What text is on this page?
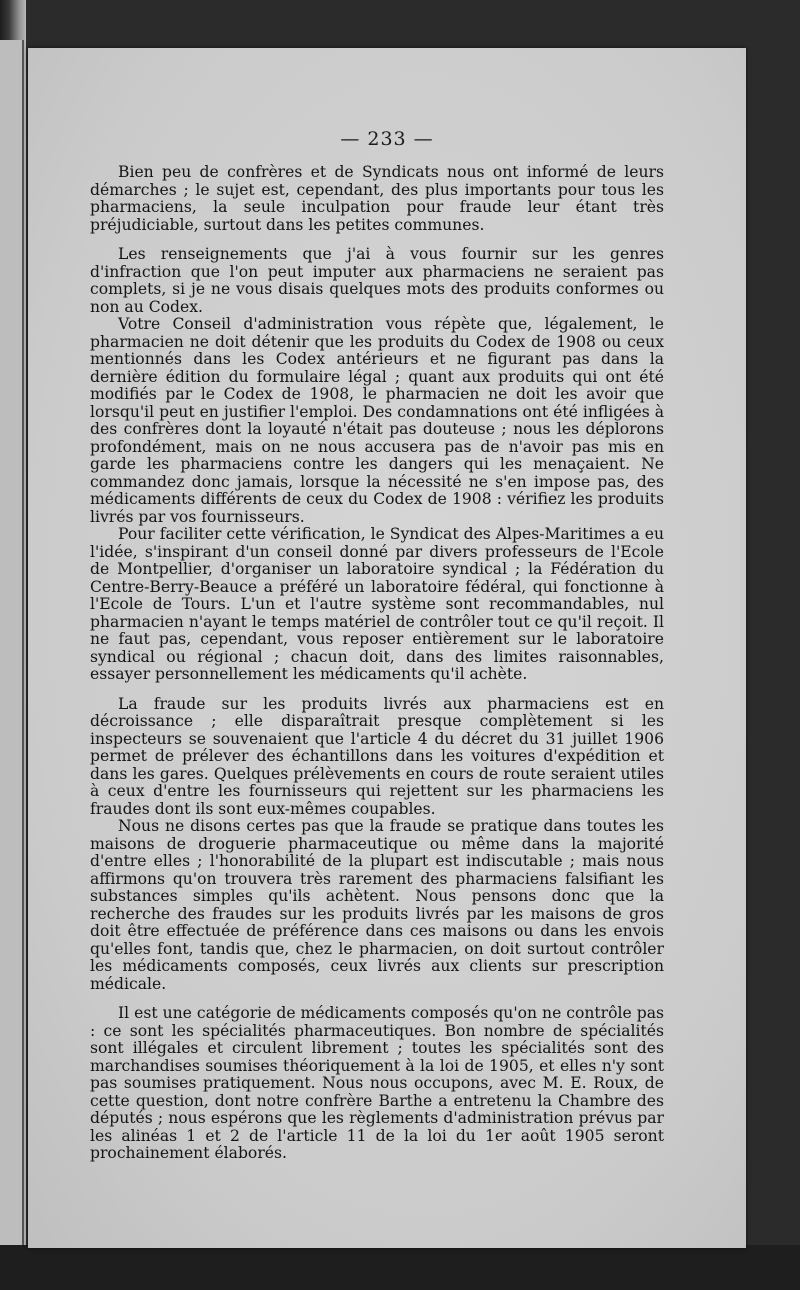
— 233 —

Bien peu de confrères et de Syndicats nous ont informé de leurs démarches ; le sujet est, cependant, des plus importants pour tous les pharmaciens, la seule inculpation pour fraude leur étant très préjudiciable, surtout dans les petites communes.

Les renseignements que j'ai à vous fournir sur les genres d'infraction que l'on peut imputer aux pharmaciens ne seraient pas complets, si je ne vous disais quelques mots des produits conformes ou non au Codex.

Votre Conseil d'administration vous répète que, légalement, le pharmacien ne doit détenir que les produits du Codex de 1908 ou ceux mentionnés dans les Codex antérieurs et ne figurant pas dans la dernière édition du formulaire légal ; quant aux produits qui ont été modifiés par le Codex de 1908, le pharmacien ne doit les avoir que lorsqu'il peut en justifier l'emploi. Des condamnations ont été infligées à des confrères dont la loyauté n'était pas douteuse ; nous les déplorons profondément, mais on ne nous accusera pas de n'avoir pas mis en garde les pharmaciens contre les dangers qui les menaçaient. Ne commandez donc jamais, lorsque la nécessité ne s'en impose pas, des médicaments différents de ceux du Codex de 1908 : vérifiez les produits livrés par vos fournisseurs.

Pour faciliter cette vérification, le Syndicat des Alpes-Maritimes a eu l'idée, s'inspirant d'un conseil donné par divers professeurs de l'Ecole de Montpellier, d'organiser un laboratoire syndical ; la Fédération du Centre-Berry-Beauce a préféré un laboratoire fédéral, qui fonctionne à l'Ecole de Tours. L'un et l'autre système sont recommandables, nul pharmacien n'ayant le temps matériel de contrôler tout ce qu'il reçoit. Il ne faut pas, cependant, vous reposer entièrement sur le laboratoire syndical ou régional ; chacun doit, dans des limites raisonnables, essayer personnellement les médicaments qu'il achète.

La fraude sur les produits livrés aux pharmaciens est en décroissance ; elle disparaîtrait presque complètement si les inspecteurs se souvenaient que l'article 4 du décret du 31 juillet 1906 permet de prélever des échantillons dans les voitures d'expédition et dans les gares. Quelques prélèvements en cours de route seraient utiles à ceux d'entre les fournisseurs qui rejettent sur les pharmaciens les fraudes dont ils sont eux-mêmes coupables.

Nous ne disons certes pas que la fraude se pratique dans toutes les maisons de droguerie pharmaceutique ou même dans la majorité d'entre elles ; l'honorabilité de la plupart est indiscutable ; mais nous affirmons qu'on trouvera très rarement des pharmaciens falsifiant les substances simples qu'ils achètent. Nous pensons donc que la recherche des fraudes sur les produits livrés par les maisons de gros doit être effectuée de préférence dans ces maisons ou dans les envois qu'elles font, tandis que, chez le pharmacien, on doit surtout contrôler les médicaments composés, ceux livrés aux clients sur prescription médicale.

Il est une catégorie de médicaments composés qu'on ne contrôle pas : ce sont les spécialités pharmaceutiques. Bon nombre de spécialités sont illégales et circulent librement ; toutes les spécialités sont des marchandises soumises théoriquement à la loi de 1905, et elles n'y sont pas soumises pratiquement. Nous nous occupons, avec M. E. Roux, de cette question, dont notre confrère Barthe a entretenu la Chambre des députés ; nous espérons que les règlements d'administration prévus par les alinéas 1 et 2 de l'article 11 de la loi du 1er août 1905 seront prochainement élaborés.
